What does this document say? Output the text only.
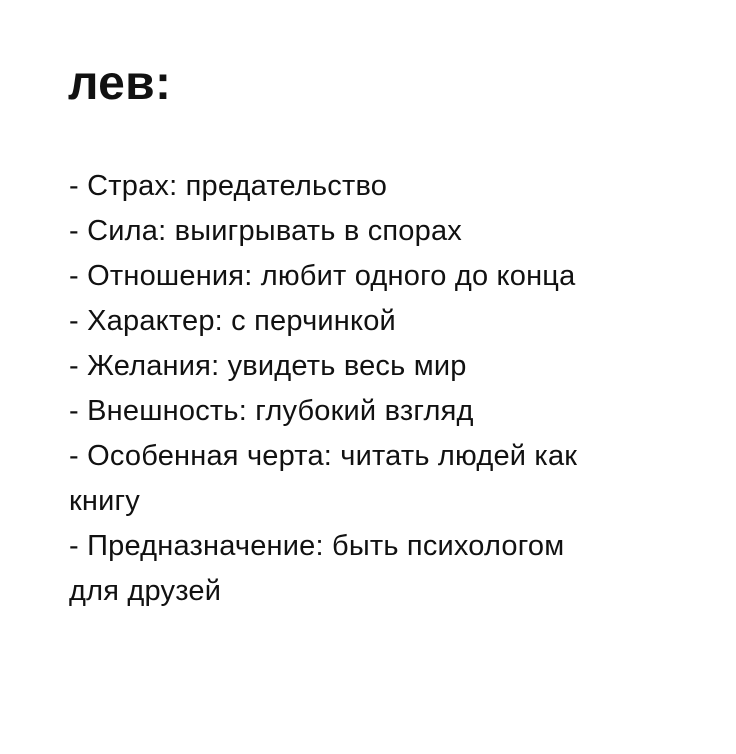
лев:
- Страх: предательство
- Сила: выигрывать в спорах
- Отношения: любит одного до конца
- Характер: с перчинкой
- Желания: увидеть весь мир
- Внешность: глубокий взгляд
- Особенная черта: читать людей как
книгу
- Предназначение: быть психологом
для друзей
